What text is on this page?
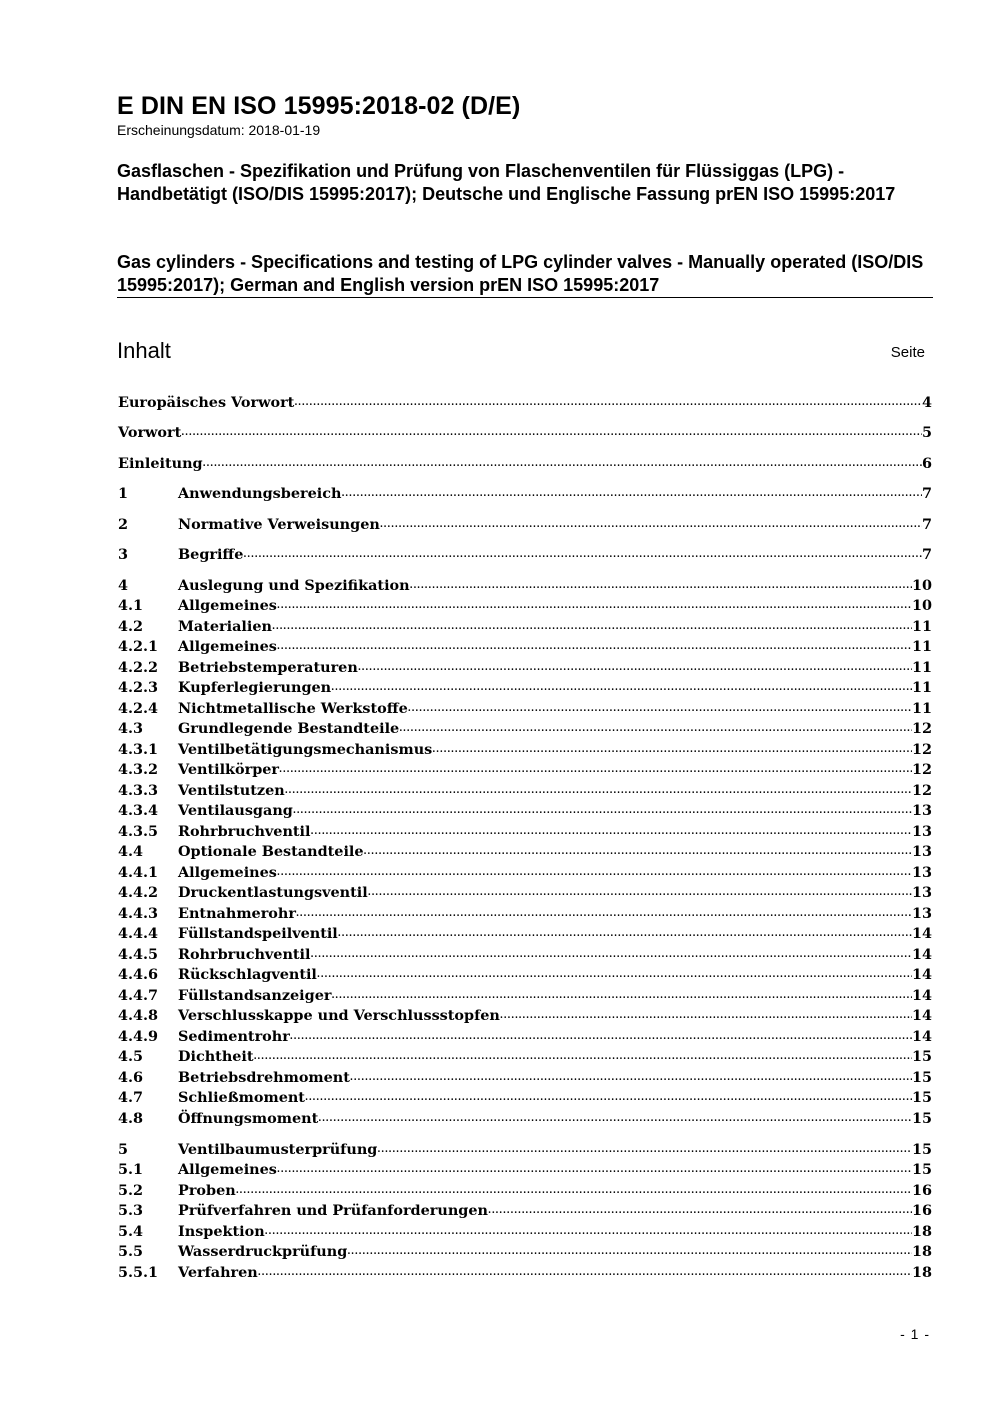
E DIN EN ISO 15995:2018-02 (D/E)
Erscheinungsdatum: 2018-01-19
Gasflaschen - Spezifikation und Prüfung von Flaschenventilen für Flüssiggas (LPG) - Handbetätigt (ISO/DIS 15995:2017); Deutsche und Englische Fassung prEN ISO 15995:2017
Gas cylinders - Specifications and testing of LPG cylinder valves - Manually operated (ISO/DIS 15995:2017); German and English version prEN ISO 15995:2017
Inhalt	Seite
Europäisches Vorwort .....	4
Vorwort .....	5
Einleitung .....	6
1	Anwendungsbereich .....	7
2	Normative Verweisungen .....	7
3	Begriffe .....	7
4	Auslegung und Spezifikation .....	10
4.1	Allgemeines .....	10
4.2	Materialien .....	11
4.2.1	Allgemeines .....	11
4.2.2	Betriebstemperaturen .....	11
4.2.3	Kupferlegierungen .....	11
4.2.4	Nichtmetallische Werkstoffe .....	11
4.3	Grundlegende Bestandteile .....	12
4.3.1	Ventilbetätigungsmechanismus .....	12
4.3.2	Ventilkörper .....	12
4.3.3	Ventilstutzen .....	12
4.3.4	Ventilausgang .....	13
4.3.5	Rohrbruchventil .....	13
4.4	Optionale Bestandteile .....	13
4.4.1	Allgemeines .....	13
4.4.2	Druckentlastungsventil .....	13
4.4.3	Entnahmerohr .....	13
4.4.4	Füllstandspeilventil .....	14
4.4.5	Rohrbruchventil .....	14
4.4.6	Rückschlagventil .....	14
4.4.7	Füllstandsanzeiger .....	14
4.4.8	Verschlusskappe und Verschlussstopfen .....	14
4.4.9	Sedimentrohr .....	14
4.5	Dichtheit .....	15
4.6	Betriebsdrehmoment .....	15
4.7	Schließmoment .....	15
4.8	Öffnungsmoment .....	15
5	Ventilbaumusterprüfung .....	15
5.1	Allgemeines .....	15
5.2	Proben .....	16
5.3	Prüfverfahren und Prüfanforderungen .....	16
5.4	Inspektion .....	18
5.5	Wasserdruckprüfung .....	18
5.5.1	Verfahren .....	18
- 1 -
